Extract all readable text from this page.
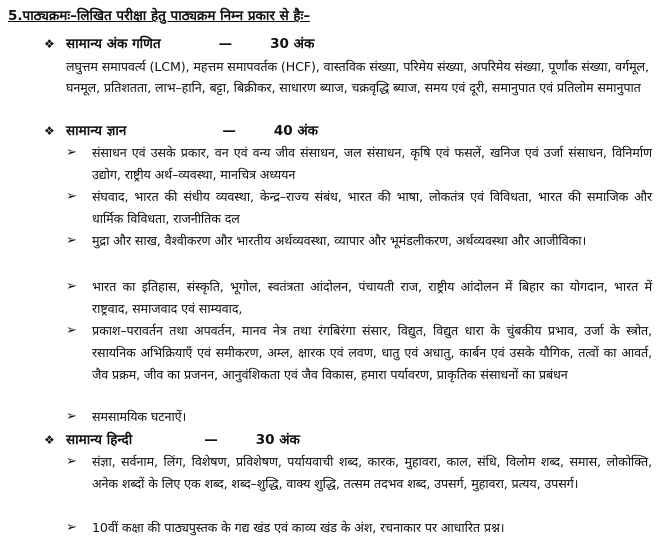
5.पाठ्यक्रमः–लिखित परीक्षा हेतु पाठ्यक्रम निम्न प्रकार से हैः–
❖ सामान्य अंक गणित	—	30 अंक
लघुत्तम समापवर्त्य (LCM), महत्तम समापवर्तक (HCF), वास्तविक संख्या, परिमेय संख्या, अपरिमेय संख्या, पूर्णांक संख्या, वर्गमूल, घनमूल, प्रतिशतता, लाभ–हानि, बट्टा, बिक्रीकर, साधारण ब्याज, चक्रवृद्धि ब्याज, समय एवं दूरी, समानुपात एवं प्रतिलोम समानुपात
❖ सामान्य ज्ञान	—	40 अंक
➢	संसाधन एवं उसके प्रकार, वन एवं वन्य जीव संसाधन, जल संसाधन, कृषि एवं फसलें, खनिज एवं उर्जा संसाधन, विनिर्माण उद्योग, राष्ट्रीय अर्थ–व्यवस्था, मानचित्र अध्ययन
➢	संघवाद, भारत की संधीय व्यवस्था, केन्द्र–राज्य संबंध, भारत की भाषा, लोकतंत्र एवं विविधता, भारत की समाजिक और धार्मिक विविधता, राजनीतिक दल
➢	मुद्रा और साख, वैश्वीकरण और भारतीय अर्थव्यवस्था, व्यापार और भूमंडलीकरण, अर्थव्यवस्था और आजीविका।
➢	भारत का इतिहास, संस्कृति, भूगोल, स्वतंत्रता आंदोलन, पंचायती राज, राष्ट्रीय आंदोलन में बिहार का योगदान, भारत में राष्ट्रवाद, समाजवाद एवं साम्यवाद,
➢	प्रकाश–परावर्तन तथा अपवर्तन, मानव नेत्र तथा रंगबिरंगा संसार, विद्युत, विद्युत धारा के चुंबकीय प्रभाव, उर्जा के स्त्रोत, रसायनिक अभिक्रियाएँ एवं समीकरण, अम्ल, क्षारक एवं लवण, धातु एवं अधातु, कार्बन एवं उसके यौगिक, तत्वों का आवर्त, जैव प्रक्रम, जीव का प्रजनन, आनुवंशिकता एवं जैव विकास, हमारा पर्यावरण, प्राकृतिक संसाधनों का प्रबंधन
➢	समसामयिक घटनाऐं।
❖ सामान्य हिन्दी	—	30 अंक
➢	संज्ञा, सर्वनाम, लिंग, विशेषण, प्रविशेषण, पर्यायवाची शब्द, कारक, मुहावरा, काल, संधि, विलोम शब्द, समास, लोकोक्ति, अनेक शब्दों के लिए एक शब्द, शब्द–शुद्धि, वाक्य शुद्धि, तत्सम तदभव शब्द, उपसर्ग, मुहावरा, प्रत्यय, उपसर्ग।
➢	10वीं कक्षा की पाठ्यपुस्तक के गद्य खंड एवं काव्य खंड के अंश, रचनाकार पर आधारित प्रश्न।
